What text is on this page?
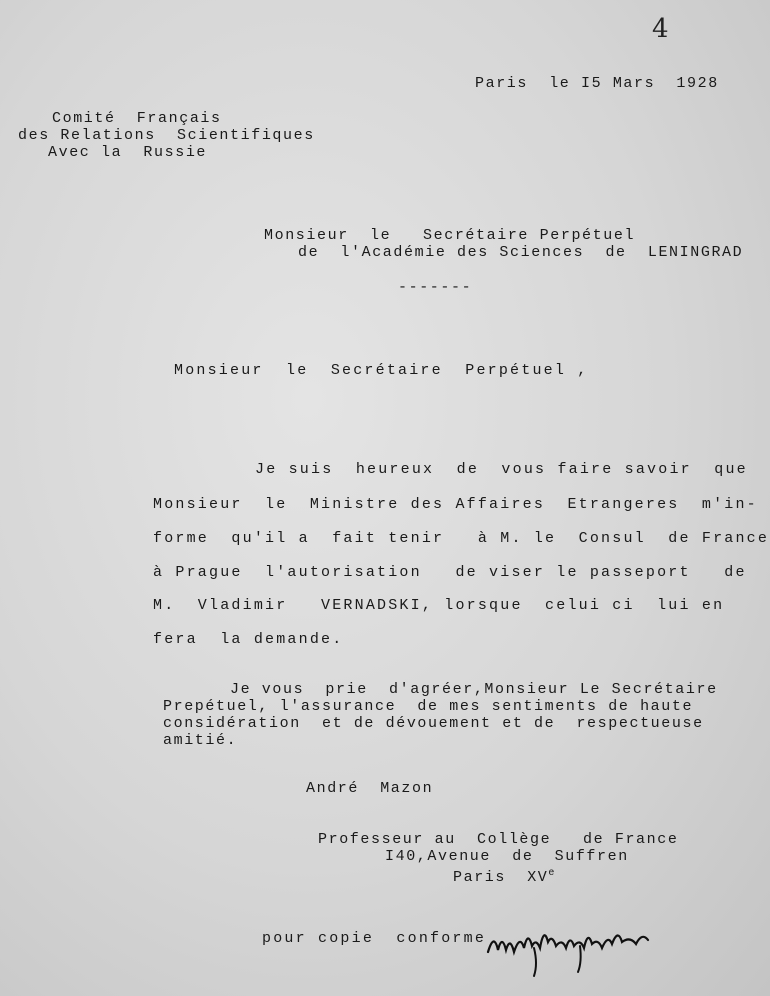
4
Paris  le I5 Mars  1928
Comité  Français
des Relations  Scientifiques
Avec la  Russie
Monsieur  le   Secrétaire Perpétuel
de  l'Académie des Sciences  de  LENINGRAD
-------
Monsieur  le  Secrétaire  Perpétuel ,
Je suis  heureux  de  vous faire savoir  que
Monsieur  le  Ministre des Affaires  Etrangeres  m'in-
forme  qu'il a  fait tenir   à M. le  Consul  de France
à Prague  l'autorisation   de viser le passeport   de
M.  Vladimir   VERNADSKI, lorsque  celui ci  lui en
fera  la demande.
Je vous  prie  d'agréer,Monsieur Le Secrétaire
Prepétuel, l'assurance  de mes sentiments de haute
considération  et de dévouement et de  respectueuse
amitié.
André  Mazon
Professeur au  Collège   de France
I40,Avenue  de  Suffren
Paris  XVe
pour copie  conforme
